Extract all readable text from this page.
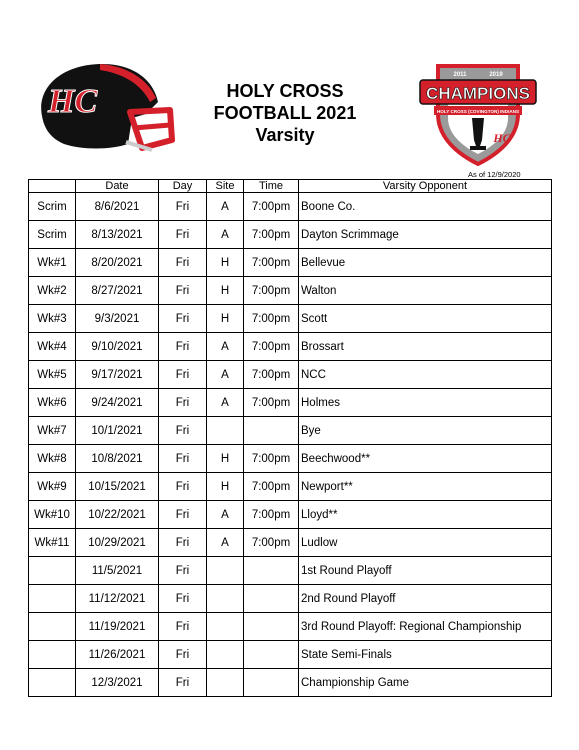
HC	HOLY CROSS
FOOTBALL 2021
Varsity
CHAMPIONS
2011	2019
HOLY CROSS (COVINGTON) INDIANS
HC
As of 12/9/2020
	Date	Day	Site	Time	Varsity Opponent
Scrim	8/6/2021	Fri	A	7:00pm	Boone Co.
Scrim	8/13/2021	Fri	A	7:00pm	Dayton Scrimmage
Wk#1	8/20/2021	Fri	H	7:00pm	Bellevue
Wk#2	8/27/2021	Fri	H	7:00pm	Walton
Wk#3	9/3/2021	Fri	H	7:00pm	Scott
Wk#4	9/10/2021	Fri	A	7:00pm	Brossart
Wk#5	9/17/2021	Fri	A	7:00pm	NCC
Wk#6	9/24/2021	Fri	A	7:00pm	Holmes
Wk#7	10/1/2021	Fri			Bye
Wk#8	10/8/2021	Fri	H	7:00pm	Beechwood**
Wk#9	10/15/2021	Fri	H	7:00pm	Newport**
Wk#10	10/22/2021	Fri	A	7:00pm	Lloyd**
Wk#11	10/29/2021	Fri	A	7:00pm	Ludlow
	11/5/2021	Fri			1st Round Playoff
	11/12/2021	Fri			2nd Round Playoff
	11/19/2021	Fri			3rd Round Playoff: Regional Championship
	11/26/2021	Fri			State Semi-Finals
	12/3/2021	Fri			Championship Game
